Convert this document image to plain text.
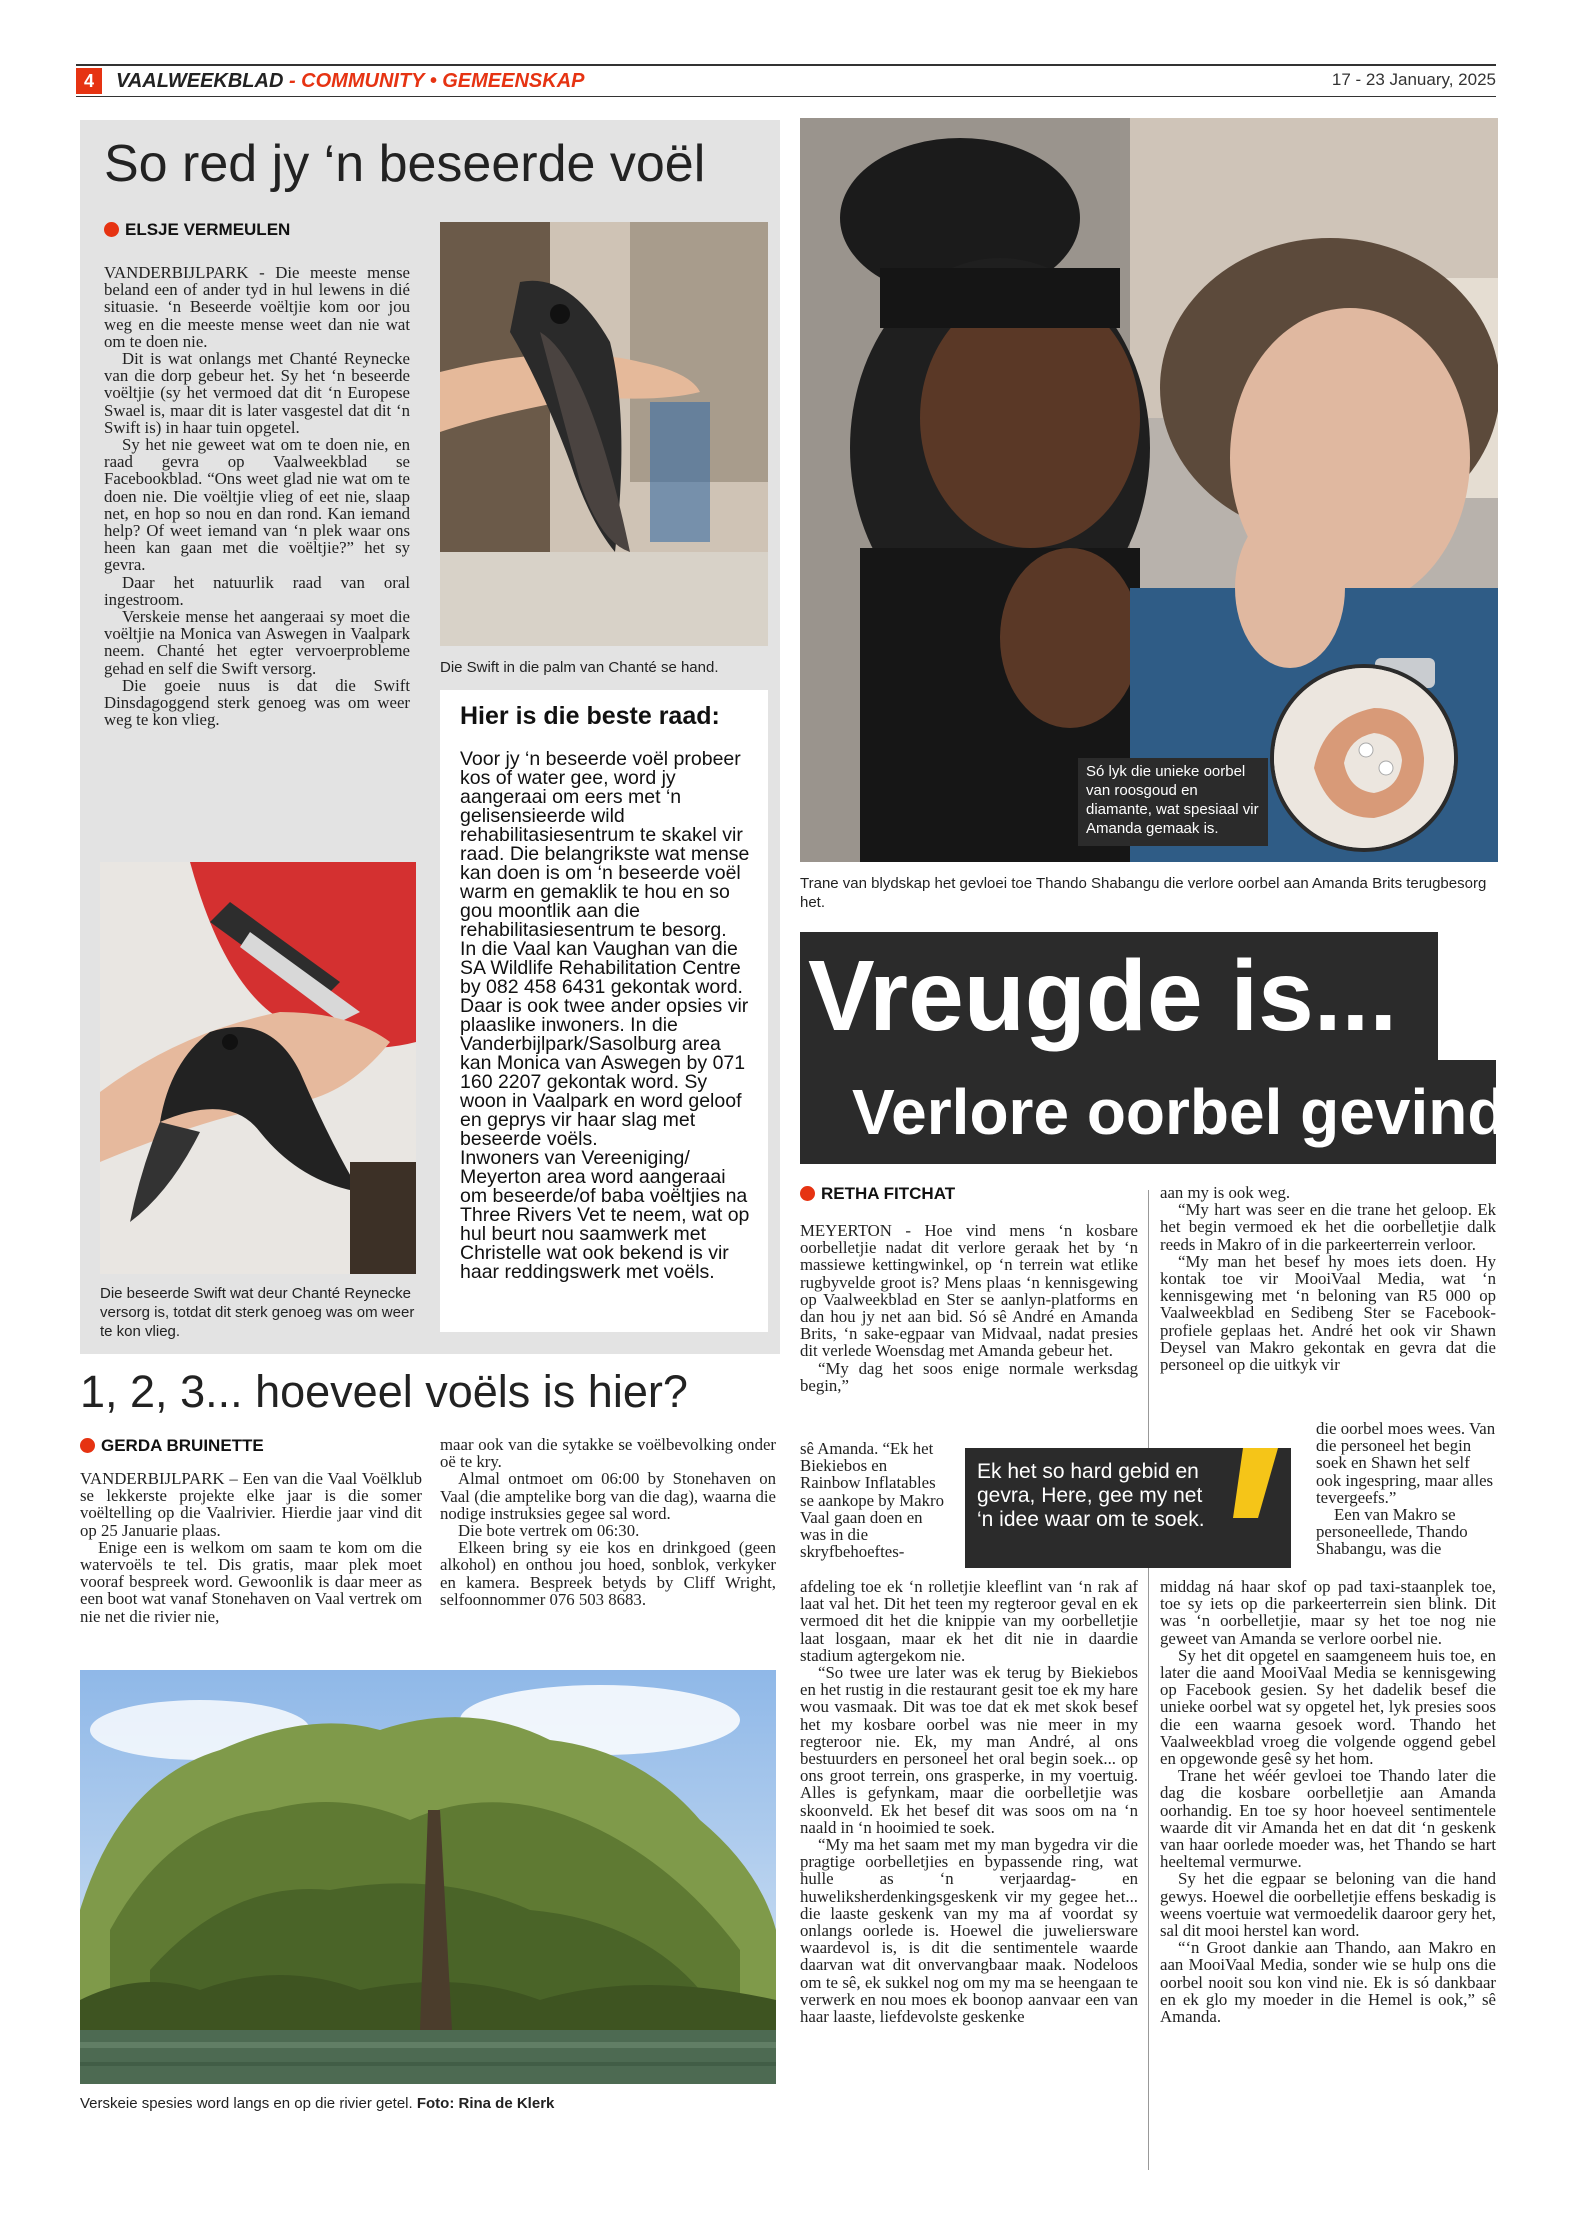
4	VAALWEEKBLAD - COMMUNITY • GEMEENSKAP	17 - 23 January, 2025
So red jy ‘n beseerde voël
ELSJE VERMEULEN

VANDERBIJLPARK - Die meeste mense beland een of ander tyd in hul lewens in dié situasie. ‘n Beseerde voëltjie kom oor jou weg en die meeste mense weet dan nie wat om te doen nie.

Dit is wat onlangs met Chanté Reynecke van die dorp gebeur het. Sy het ‘n beseerde voëltjie (sy het vermoed dat dit ‘n Europese Swael is, maar dit is later vasgestel dat dit ‘n Swift is) in haar tuin opgetel.

Sy het nie geweet wat om te doen nie, en raad gevra op Vaalweekblad se Facebookblad. “Ons weet glad nie wat om te doen nie. Die voëltjie vlieg of eet nie, slaap net, en hop so nou en dan rond. Kan iemand help? Of weet iemand van ‘n plek waar ons heen kan gaan met die voëltjie?” het sy gevra.

Daar het natuurlik raad van oral ingestroom.

Verskeie mense het aangeraai sy moet die voëltjie na Monica van Aswegen in Vaalpark neem. Chanté het egter vervoerprobleme gehad en self die Swift versorg.

Die goeie nuus is dat die Swift Dinsdagoggend sterk genoeg was om weer weg te kon vlieg.

Die Swift in die palm van Chanté se hand.
Die beseerde Swift wat deur Chanté Reynecke versorg is, totdat dit sterk genoeg was om weer te kon vlieg.
Hier is die beste raad:
Voor jy ‘n beseerde voël probeer kos of water gee, word jy aangeraai om eers met ‘n gelisensieerde wild rehabilitasiesentrum te skakel vir raad. Die belangrikste wat mense kan doen is om ‘n beseerde voël warm en gemaklik te hou en so gou moontlik aan die rehabilitasiesentrum te besorg.
In die Vaal kan Vaughan van die SA Wildlife Rehabilitation Centre by 082 458 6431 gekontak word. Daar is ook twee ander opsies vir plaaslike inwoners. In die Vanderbijlpark/Sasolburg area kan Monica van Aswegen by 071 160 2207 gekontak word. Sy woon in Vaalpark en word geloof en geprys vir haar slag met beseerde voëls.
Inwoners van Vereeniging/ Meyerton area word aangeraai om beseerde/of baba voëltjies na Three Rivers Vet te neem, wat op hul beurt nou saamwerk met Christelle wat ook bekend is vir haar reddingswerk met voëls.
1, 2, 3... hoeveel voëls is hier?
GERDA BRUINETTE

VANDERBIJLPARK – Een van die Vaal Voëlklub se lekkerste projekte elke jaar is die somer voëltelling op die Vaalrivier. Hierdie jaar vind dit op 25 Januarie plaas.

Enige een is welkom om saam te kom om die watervoëls te tel. Dis gratis, maar plek moet vooraf bespreek word. Gewoonlik is daar meer as een boot wat vanaf Stonehaven on Vaal vertrek om nie net die rivier nie,

maar ook van die sytakke se voëlbevolking onder oë te kry.

Almal ontmoet om 06:00 by Stonehaven on Vaal (die amptelike borg van die dag), waarna die nodige instruksies gegee sal word.

Die bote vertrek om 06:30.

Elkeen bring sy eie kos en drinkgoed (geen alkohol) en onthou jou hoed, sonblok, verkyker en kamera. Bespreek betyds by Cliff Wright, selfoonnommer 076 503 8683.

Verskeie spesies word langs en op die rivier getel. Foto: Rina de Klerk
Só lyk die unieke oorbel van roosgoud en diamante, wat spesiaal vir Amanda gemaak is.
Trane van blydskap het gevloei toe Thando Shabangu die verlore oorbel aan Amanda Brits terugbesorg het.
Vreugde is...
Verlore oorbel gevind
RETHA FITCHAT

MEYERTON - Hoe vind mens ‘n kosbare oorbelletjie nadat dit verlore geraak het by ‘n massiewe kettingwinkel, op ‘n terrein wat etlike rugbyvelde groot is? Mens plaas ‘n kennisgewing op Vaalweekblad en Ster se aanlyn-platforms en dan hou jy net aan bid. Só sê André en Amanda Brits, ‘n sake-egpaar van Midvaal, nadat presies dit verlede Woensdag met Amanda gebeur het.

“My dag het soos enige normale werksdag begin,”

sê Amanda. “Ek het Biekiebos en Rainbow Inflatables se aankope by Makro Vaal gaan doen en was in die skryfbehoeftes-

afdeling toe ek ‘n rolletjie kleeflint van ‘n rak af laat val het. Dit het teen my regteroor geval en ek vermoed dit het die knippie van my oorbelletjie laat losgaan, maar ek het dit nie in daardie stadium agtergekom nie.

“So twee ure later was ek terug by Biekiebos en het rustig in die restaurant gesit toe ek my hare wou vasmaak. Dit was toe dat ek met skok besef het my kosbare oorbel was nie meer in my regteroor nie. Ek, my man André, al ons bestuurders en personeel het oral begin soek... op ons groot terrein, ons grasperke, in my voertuig. Alles is gefynkam, maar die oorbelletjie was skoonveld. Ek het besef dit was soos om na ‘n naald in ‘n hooimied te soek.

“My ma het saam met my man bygedra vir die pragtige oorbelletjies en bypassende ring, wat hulle as ‘n verjaardag- en huweliksherdenkingsgeskenk vir my gegee het... die laaste geskenk van my ma af voordat sy onlangs oorlede is. Hoewel die juweliersware waardevol is, is dit die sentimentele waarde daarvan wat dit onvervangbaar maak. Nodeloos om te sê, ek sukkel nog om my ma se heengaan te verwerk en nou moes ek boonop aanvaar een van haar laaste, liefdevolste geskenke

aan my is ook weg.

“My hart was seer en die trane het geloop. Ek het begin vermoed ek het die oorbelletjie dalk reeds in Makro of in die parkeerterrein verloor.

“My man het besef hy moes iets doen. Hy kontak toe vir MooiVaal Media, wat ‘n kennisgewing met ‘n beloning van R5 000 op Vaalweekblad en Sedibeng Ster se Facebook-profiele geplaas het. André het ook vir Shawn Deysel van Makro gekontak en gevra dat die personeel op die uitkyk vir

die oorbel moes wees. Van die personeel het begin soek en Shawn het self ook ingespring, maar alles tevergeefs.”

Een van Makro se personeellede, Thando Shabangu, was die

middag ná haar skof op pad taxi-staanplek toe, toe sy iets op die parkeerterrein sien blink. Dit was ‘n oorbelletjie, maar sy het toe nog nie geweet van Amanda se verlore oorbel nie.

Sy het dit opgetel en saamgeneem huis toe, en later die aand MooiVaal Media se kennisgewing op Facebook gesien. Sy het dadelik besef die unieke oorbel wat sy opgetel het, lyk presies soos die een waarna gesoek word. Thando het Vaalweekblad vroeg die volgende oggend gebel en opgewonde gesê sy het hom.

Trane het wéér gevloei toe Thando later die dag die kosbare oorbelletjie aan Amanda oorhandig. En toe sy hoor hoeveel sentimentele waarde dit vir Amanda het en dat dit ‘n geskenk van haar oorlede moeder was, het Thando se hart heeltemal vermurwe.

Sy het die egpaar se beloning van die hand gewys. Hoewel die oorbelletjie effens beskadig is weens voertuie wat vermoedelik daaroor gery het, sal dit mooi herstel kan word.

“‘n Groot dankie aan Thando, aan Makro en aan MooiVaal Media, sonder wie se hulp ons die oorbel nooit sou kon vind nie. Ek is só dankbaar en ek glo my moeder in die Hemel is ook,” sê Amanda.

Ek het so hard gebid en gevra, Here, gee my net ‘n idee waar om te soek.
